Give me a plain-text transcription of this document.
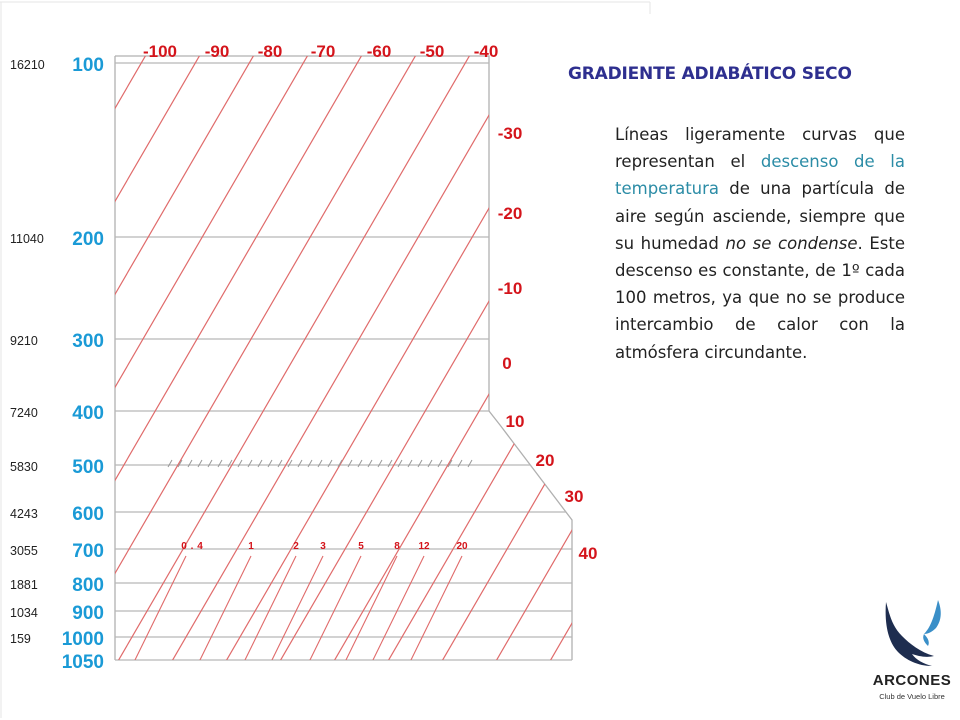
100
16210
200
11040
300
9210
400
7240
500
5830
600
4243
700
3055
800
1881
900
1034
1000
159
1050
-100 -90 -80 -70 -60 -50 -40
-30
-20
-10
0
10
20
30
40
0 . 4	1	2 3	5	8 12	20
GRADIENTE ADIABÁTICO SECO

Líneas ligeramente curvas que representan el descenso de la temperatura de una partícula de aire según asciende, siempre que su humedad no se condense. Este descenso es constante, de 1º cada 100 metros, ya que no se produce intercambio de calor con la atmósfera circundante.

ARCONES
Club de Vuelo Libre
